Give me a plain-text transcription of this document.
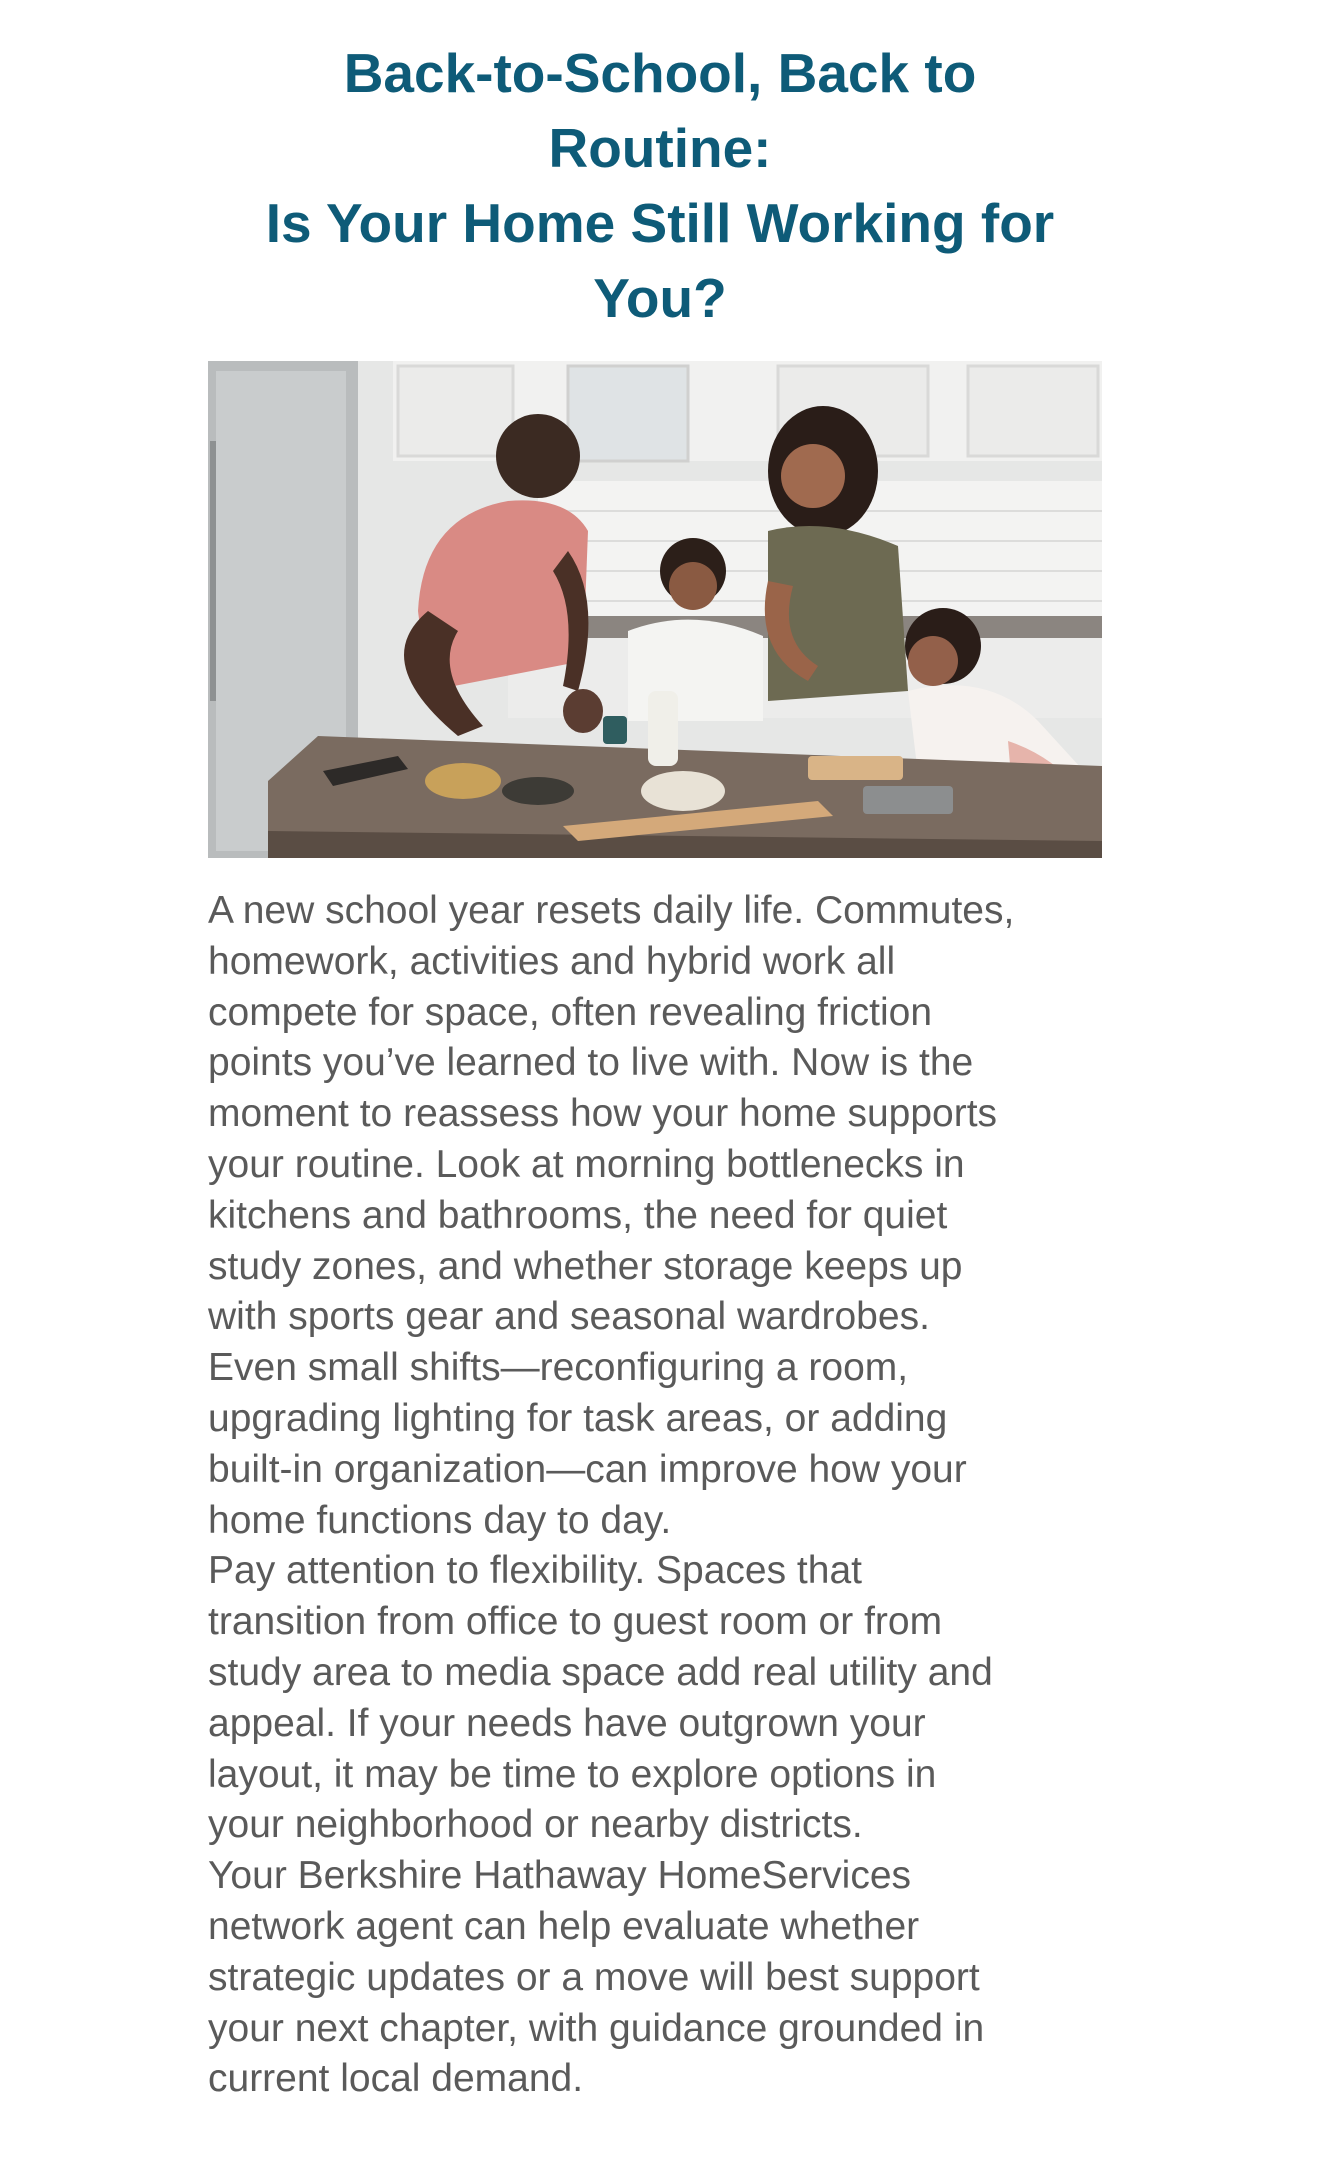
Back-to-School, Back to
Routine:
Is Your Home Still Working for
You?
A new school year resets daily life. Commutes,
homework, activities and hybrid work all
compete for space, often revealing friction
points you’ve learned to live with. Now is the
moment to reassess how your home supports
your routine. Look at morning bottlenecks in
kitchens and bathrooms, the need for quiet
study zones, and whether storage keeps up
with sports gear and seasonal wardrobes.
Even small shifts—reconfiguring a room,
upgrading lighting for task areas, or adding
built-in organization—can improve how your
home functions day to day.
Pay attention to flexibility. Spaces that
transition from office to guest room or from
study area to media space add real utility and
appeal. If your needs have outgrown your
layout, it may be time to explore options in
your neighborhood or nearby districts.
Your Berkshire Hathaway HomeServices
network agent can help evaluate whether
strategic updates or a move will best support
your next chapter, with guidance grounded in
current local demand.
